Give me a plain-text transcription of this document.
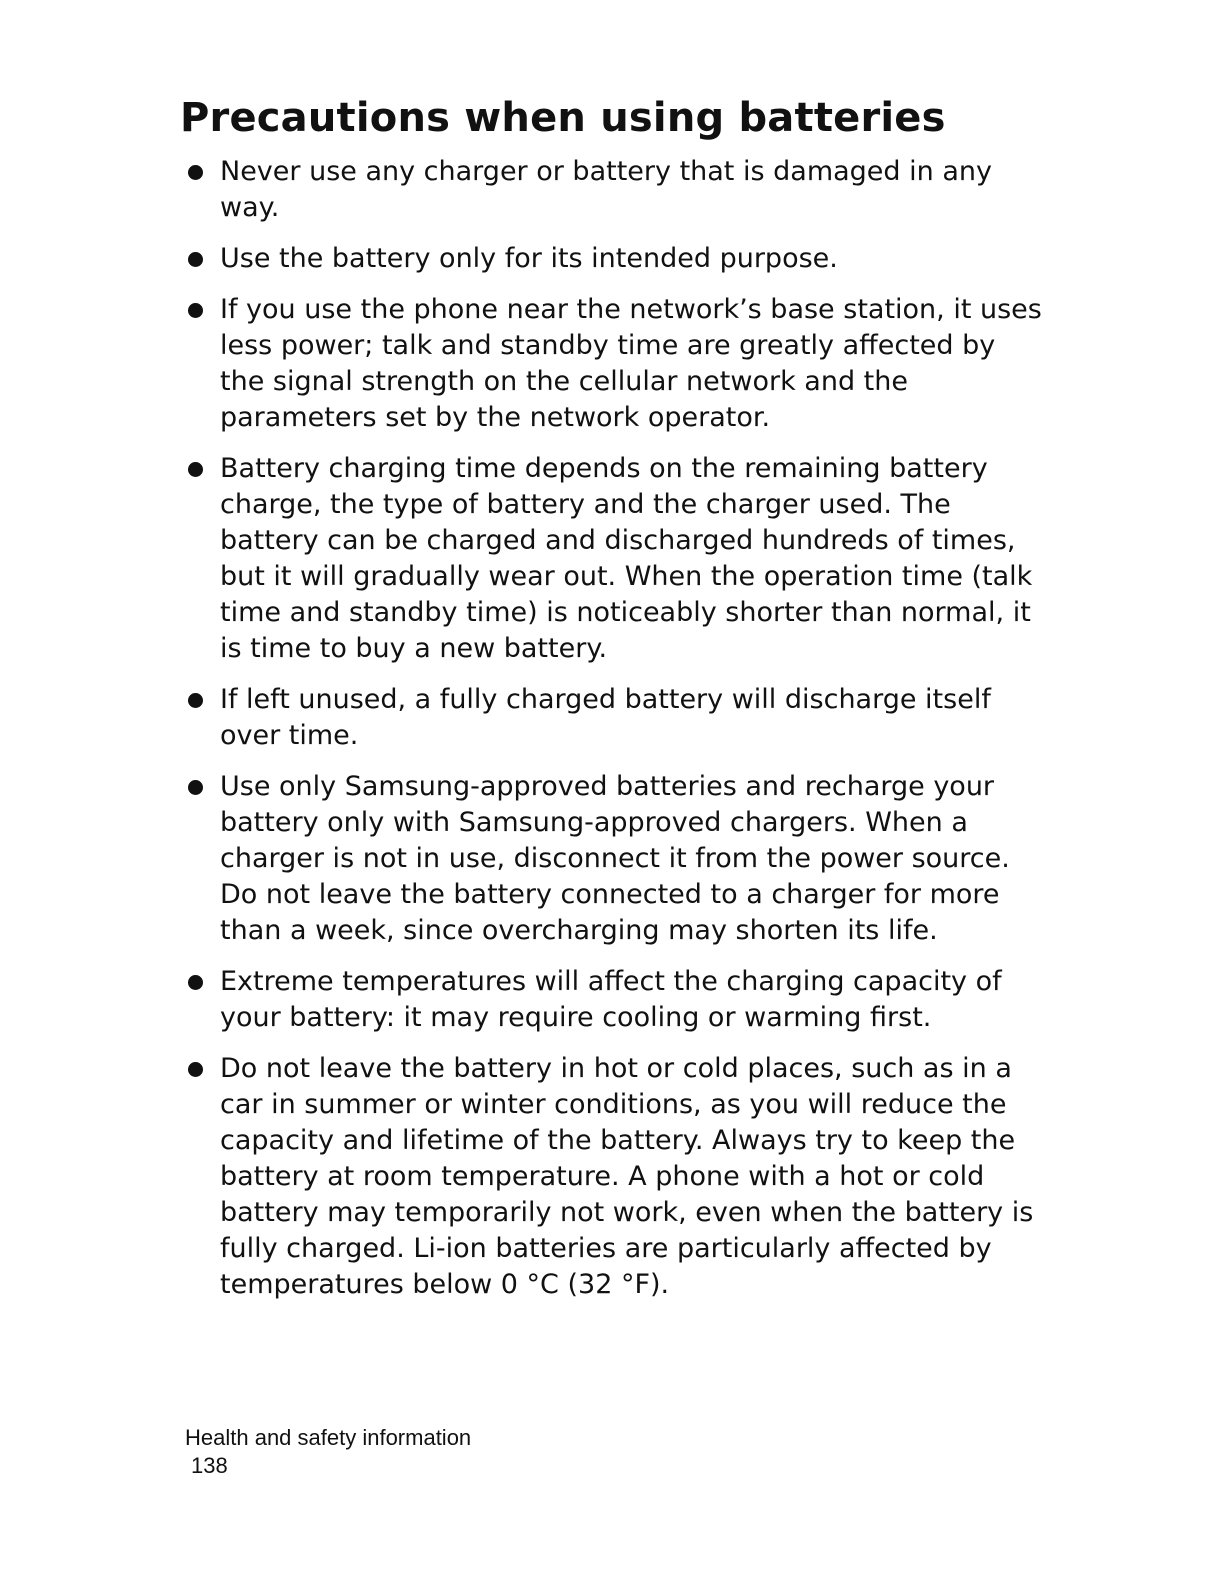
Precautions when using batteries
Never use any charger or battery that is damaged in any way.
Use the battery only for its intended purpose.
If you use the phone near the network’s base station, it uses less power; talk and standby time are greatly affected by the signal strength on the cellular network and the parameters set by the network operator.
Battery charging time depends on the remaining battery charge, the type of battery and the charger used. The battery can be charged and discharged hundreds of times, but it will gradually wear out. When the operation time (talk time and standby time) is noticeably shorter than normal, it is time to buy a new battery.
If left unused, a fully charged battery will discharge itself over time.
Use only Samsung-approved batteries and recharge your battery only with Samsung-approved chargers. When a charger is not in use, disconnect it from the power source. Do not leave the battery connected to a charger for more than a week, since overcharging may shorten its life.
Extreme temperatures will affect the charging capacity of your battery: it may require cooling or warming first.
Do not leave the battery in hot or cold places, such as in a car in summer or winter conditions, as you will reduce the capacity and lifetime of the battery. Always try to keep the battery at room temperature. A phone with a hot or cold battery may temporarily not work, even when the battery is fully charged. Li-ion batteries are particularly affected by temperatures below 0 °C (32 °F).
Health and safety information
138
